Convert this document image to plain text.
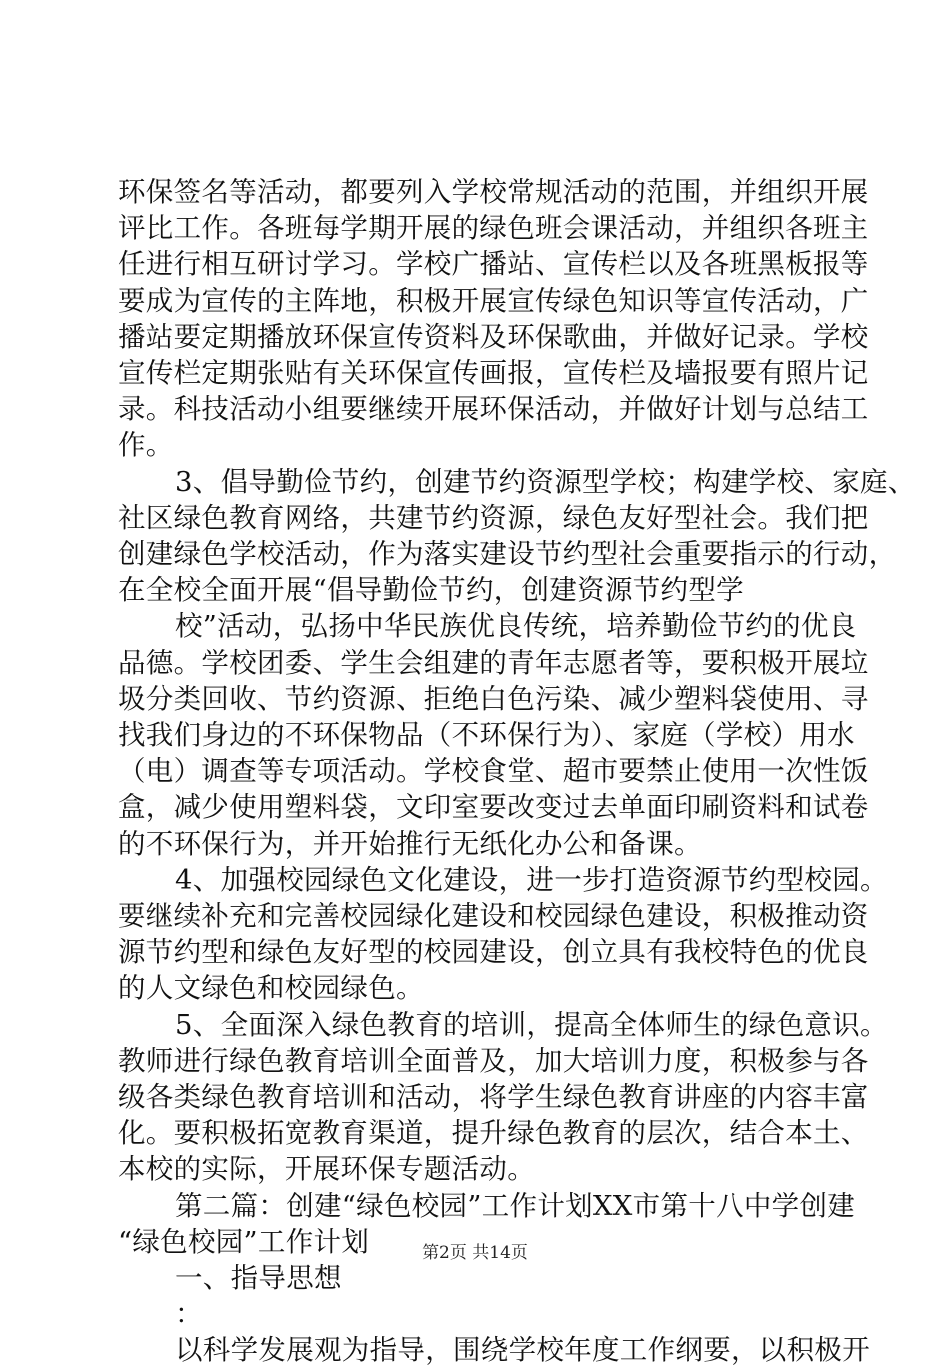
环保签名等活动，都要列入学校常规活动的范围，并组织开展
评比工作。各班每学期开展的绿色班会课活动，并组织各班主
任进行相互研讨学习。学校广播站、宣传栏以及各班黑板报等
要成为宣传的主阵地，积极开展宣传绿色知识等宣传活动，广
播站要定期播放环保宣传资料及环保歌曲，并做好记录。学校
宣传栏定期张贴有关环保宣传画报，宣传栏及墙报要有照片记
录。科技活动小组要继续开展环保活动，并做好计划与总结工
作。
3、倡导勤俭节约，创建节约资源型学校；构建学校、家庭、
社区绿色教育网络，共建节约资源，绿色友好型社会。我们把
创建绿色学校活动，作为落实建设节约型社会重要指示的行动，
在全校全面开展“倡导勤俭节约，创建资源节约型学
校”活动，弘扬中华民族优良传统，培养勤俭节约的优良
品德。学校团委、学生会组建的青年志愿者等，要积极开展垃
圾分类回收、节约资源、拒绝白色污染、减少塑料袋使用、寻
找我们身边的不环保物品（不环保行为）、家庭（学校）用水
（电）调查等专项活动。学校食堂、超市要禁止使用一次性饭
盒，减少使用塑料袋，文印室要改变过去单面印刷资料和试卷
的不环保行为，并开始推行无纸化办公和备课。
4、加强校园绿色文化建设，进一步打造资源节约型校园。
要继续补充和完善校园绿化建设和校园绿色建设，积极推动资
源节约型和绿色友好型的校园建设，创立具有我校特色的优良
的人文绿色和校园绿色。
5、全面深入绿色教育的培训，提高全体师生的绿色意识。
教师进行绿色教育培训全面普及，加大培训力度，积极参与各
级各类绿色教育培训和活动，将学生绿色教育讲座的内容丰富
化。要积极拓宽教育渠道，提升绿色教育的层次，结合本土、
本校的实际，开展环保专题活动。
第二篇：创建“绿色校园”工作计划XX市第十八中学创建
“绿色校园”工作计划
一、指导思想
：
以科学发展观为指导，围绕学校年度工作纲要，以积极开
第2页 共14页
